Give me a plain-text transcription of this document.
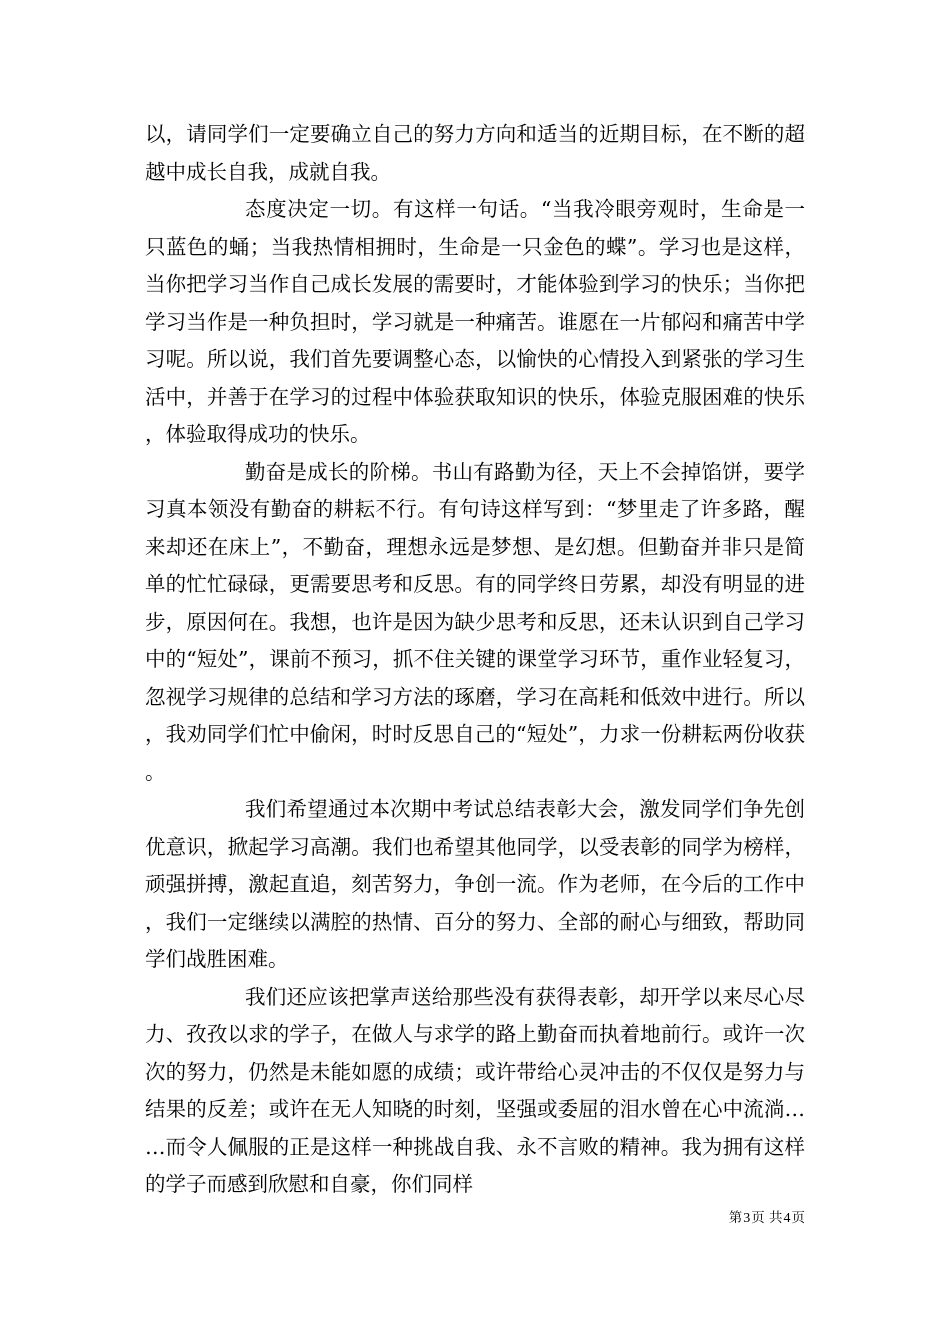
以，请同学们一定要确立自己的努力方向和适当的近期目标，在不断的超越中成长自我，成就自我。

态度决定一切。有这样一句话。“当我冷眼旁观时，生命是一只蓝色的蛹；当我热情相拥时，生命是一只金色的蝶”。学习也是这样，当你把学习当作自己成长发展的需要时，才能体验到学习的快乐；当你把学习当作是一种负担时，学习就是一种痛苦。谁愿在一片郁闷和痛苦中学习呢。所以说，我们首先要调整心态，以愉快的心情投入到紧张的学习生活中，并善于在学习的过程中体验获取知识的快乐，体验克服困难的快乐，体验取得成功的快乐。

勤奋是成长的阶梯。书山有路勤为径，天上不会掉馅饼，要学习真本领没有勤奋的耕耘不行。有句诗这样写到：“梦里走了许多路，醒来却还在床上”，不勤奋，理想永远是梦想、是幻想。但勤奋并非只是简单的忙忙碌碌，更需要思考和反思。有的同学终日劳累，却没有明显的进步，原因何在。我想，也许是因为缺少思考和反思，还未认识到自己学习中的“短处”，课前不预习，抓不住关键的课堂学习环节，重作业轻复习，忽视学习规律的总结和学习方法的琢磨，学习在高耗和低效中进行。所以，我劝同学们忙中偷闲，时时反思自己的“短处”，力求一份耕耘两份收获。

我们希望通过本次期中考试总结表彰大会，激发同学们争先创优意识，掀起学习高潮。我们也希望其他同学，以受表彰的同学为榜样，顽强拼搏，激起直追，刻苦努力，争创一流。作为老师，在今后的工作中，我们一定继续以满腔的热情、百分的努力、全部的耐心与细致，帮助同学们战胜困难。

我们还应该把掌声送给那些没有获得表彰，却开学以来尽心尽力、孜孜以求的学子，在做人与求学的路上勤奋而执着地前行。或许一次次的努力，仍然是未能如愿的成绩；或许带给心灵冲击的不仅仅是努力与结果的反差；或许在无人知晓的时刻，坚强或委屈的泪水曾在心中流淌……而令人佩服的正是这样一种挑战自我、永不言败的精神。我为拥有这样的学子而感到欣慰和自豪，你们同样

第3页 共4页
